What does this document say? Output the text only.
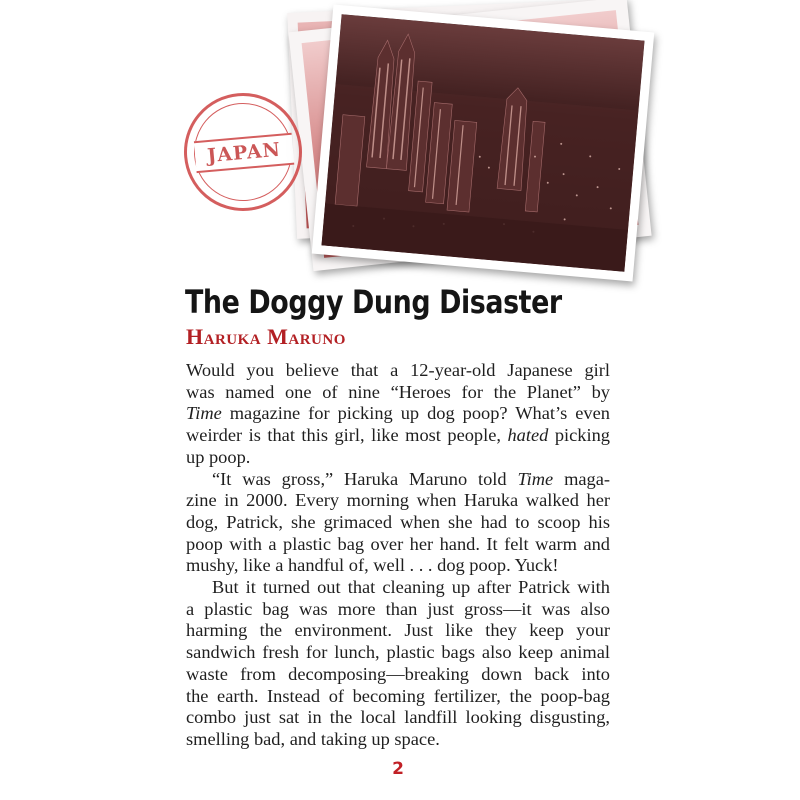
JAPAN
The Doggy Dung Disaster
Haruka Maruno

Would you believe that a 12-year-old Japanese girl
was named one of nine “Heroes for the Planet” by
Time magazine for picking up dog poop? What’s even
weirder is that this girl, like most people, hated picking
up poop.

“It was gross,” Haruka Maruno told Time maga-
zine in 2000. Every morning when Haruka walked her
dog, Patrick, she grimaced when she had to scoop his
poop with a plastic bag over her hand. It felt warm and
mushy, like a handful of, well . . . dog poop. Yuck!

But it turned out that cleaning up after Patrick with
a plastic bag was more than just gross—it was also
harming the environment. Just like they keep your
sandwich fresh for lunch, plastic bags also keep animal
waste from decomposing—breaking down back into
the earth. Instead of becoming fertilizer, the poop-bag
combo just sat in the local landfill looking disgusting,
smelling bad, and taking up space.

2
